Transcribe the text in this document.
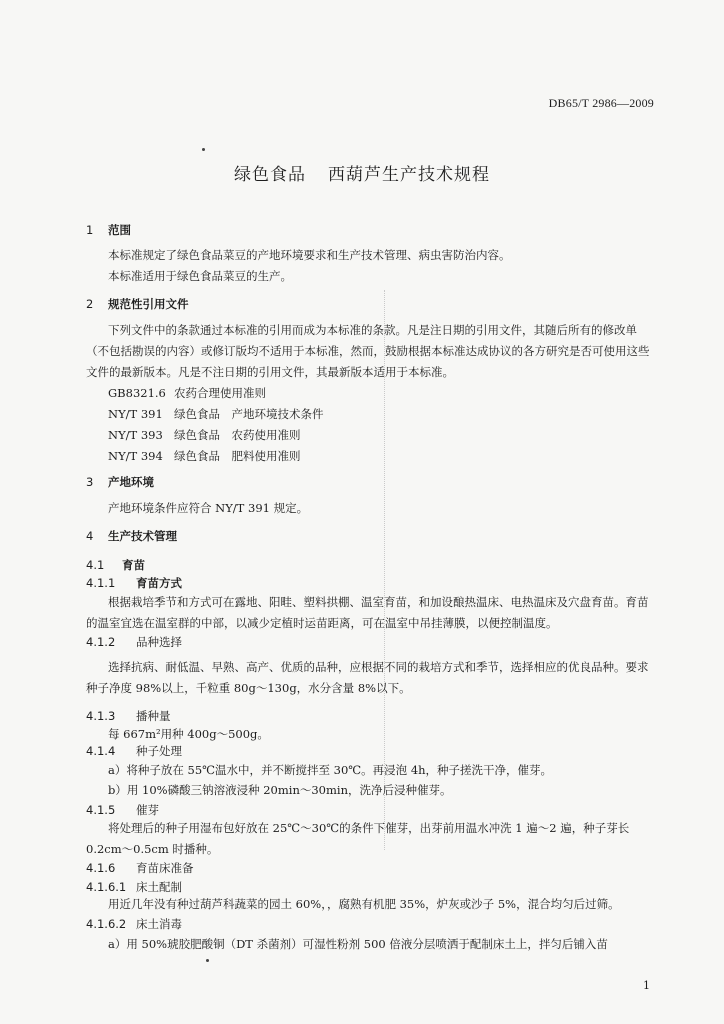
DB65/T 2986—2009
绿色食品 西葫芦生产技术规程
1 范围
本标准规定了绿色食品菜豆的产地环境要求和生产技术管理、病虫害防治内容。
本标准适用于绿色食品菜豆的生产。
2 规范性引用文件
下列文件中的条款通过本标准的引用而成为本标准的条款。凡是注日期的引用文件，其随后所有的修改单（不包括勘误的内容）或修订版均不适用于本标准，然而，鼓励根据本标准达成协议的各方研究是否可使用这些文件的最新版本。凡是不注日期的引用文件，其最新版本适用于本标准。
GB8321.6 农药合理使用准则
NY/T 391 绿色食品　产地环境技术条件
NY/T 393 绿色食品　农药使用准则
NY/T 394 绿色食品　肥料使用准则
3 产地环境
产地环境条件应符合 NY/T 391 规定。
4 生产技术管理
4.1 育苗
4.1.1 育苗方式
根据栽培季节和方式可在露地、阳畦、塑料拱棚、温室育苗，和加设酿热温床、电热温床及穴盘育苗。育苗的温室宜选在温室群的中部，以减少定植时运苗距离，可在温室中吊挂薄膜，以便控制温度。
4.1.2 品种选择
选择抗病、耐低温、早熟、高产、优质的品种，应根据不同的栽培方式和季节，选择相应的优良品种。要求种子净度 98%以上，千粒重 80g～130g，水分含量 8%以下。
4.1.3 播种量
每 667m²用种 400g～500g。
4.1.4 种子处理
a）将种子放在 55℃温水中，并不断搅拌至 30℃。再浸泡 4h，种子搓洗干净，催芽。
b）用 10%磷酸三钠溶液浸种 20min～30min，洗净后浸种催芽。
4.1.5 催芽
将处理后的种子用湿布包好放在 25℃～30℃的条件下催芽，出芽前用温水冲洗 1 遍～2 遍，种子芽长 0.2cm～0.5cm 时播种。
4.1.6 育苗床准备
4.1.6.1 床土配制
用近几年没有种过葫芦科蔬菜的园土 60%，，腐熟有机肥 35%，炉灰或沙子 5%，混合均匀后过筛。
4.1.6.2 床土消毒
a）用 50%琥胶肥酸铜（DT 杀菌剂）可湿性粉剂 500 倍液分层喷洒于配制床土上，拌匀后铺入苗
1
